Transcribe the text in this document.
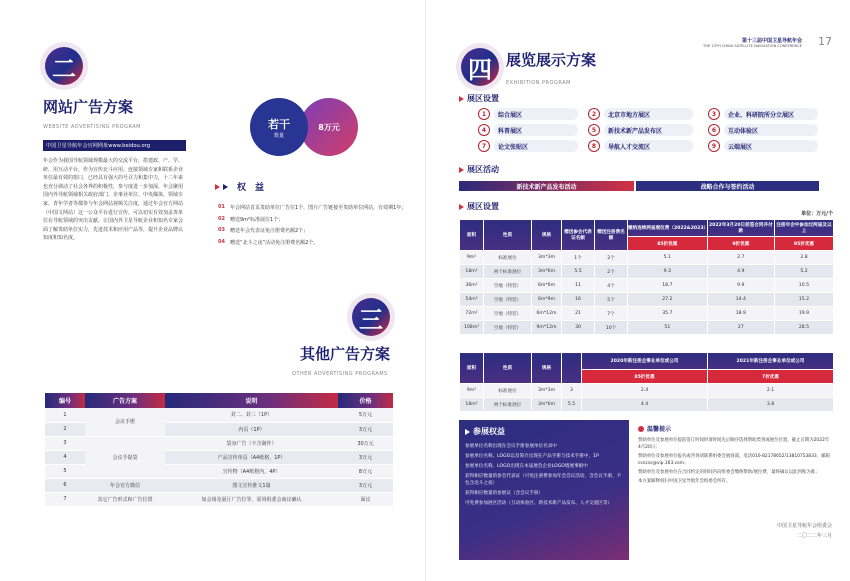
二
网站广告方案
WEBSITE ADVERTISING PROGRAM
中国卫星导航年会官网网址www.beidou.org
年会作为我国导航领域规模最大的交流平台，搭建政、产、学、研、用互动平台，作为宣传北斗应用、连接领域专家和联系企业单位最有效的窗口，已经具有强大的号召力和集中力，十二年来也充分调动了社会各界的积极性，参与度进一步加深，年会聚用国内外导航领域相关政府部门、企事业单位、中央媒体、领域专家、青年学者等都参与年会网站视频关注度，通过年会官方网站（中国文网站）这一公众平台进行宣传，可以切实有效加盖贵单位在导航领域的突出贡献。让国内外卫星导航企业和知名专家会面了解贵助单位实力，先进技术和应用产品等，提升企业品牌认知度和知名度。
若干
数量
8万元
权　益
01	年会网站首页贵助单位广告位1个，图片广告链接至贵助单位网站，有效期1年；
02	赠送9m²标准展位1个；
03	赠送年会代表证免注册费名额2个；
04	赠送“北斗之夜”活动免注册费名额2个。
三
其他广告方案
OTHER ADVERTISING PROGRAMS
编号	广告方案	说明	价格
1	会议手册	封二、封三（1P）	5万元
2		内页（1P）	3万元
3	会议手提袋	袋身广告（不含制作）	30万元
4		产品宣传单页（A4纸格，1P）	3万元
5		宣传物（A4纸格内，4P）	8万元
6	年会官方微信	图文宣传推文1篇	3万元
7	其它广告形式和广告位置	如会场及展厅广告位等，需同组委会商议确认	面议
第十三届中国卫星导航年会
THE 13TH CHINA SATELLITE NAVIGATION CONFERENCE 17
四 展览展示方案
EXHIBITION PROGRAM
展区设置
1	综合展区	2	北京市地方展区	3	企业、科研院所分立展区
4	科普展区	5	新技术新产品发布区	6	互动体验区
7	论文张贴区	8	导航人才交流区	9	云端展区
展区活动
新技术新产品发布活动	战略合作与签约活动
展区设置
单位：万元/个
面积	性质	规格	赠送参会代表证名额	赠送注册费名额	缴纳连续两届展位费（2022&2023）	2022年3月20日前签合同并付款	注册年会中参加过两届及以上
					85折优惠	9折优惠	95折优惠
9m²	标准展位	3m*3m	1个	2个	5.1	2.7	2.8
18m²	两个标准展位	3m*6m	5.5	2个	9.3	4.9	5.2
36m²	空地（特装）	6m*6m	11	4个	18.7	9.9	10.5
54m²	空地（特装）	6m*9m	16	5个	27.2	14.4	15.2
72m²	空地（特装）	6m*12m	21	7个	35.7	18.9	19.9
108m²	空地（特装）	9m*12m	30	10个	51	27	28.5
面积	性质	规格		2020年新注册企事业单位或公司	2021年新注册企事业单位或公司
				85折优惠	7折优惠
9m²	标准展位	3m*3m	3	2.4	2.1
18m²	两个标准展位	3m*6m	5.5	4.4	3.8
参展权益
参展单位名称出现在会议手册参展单位名录中
参展单位名称、LOGO以及简介出现在产品手册与技术手册中，1P
参展单位名称、LOGO出现在本届展会企业LOGO墙展事板中
获得相应数量的参会代表证（可免注册费参加年会会议活动，含会议手册、不包含北斗之夜）
获得相应数量的参展证（含会议手册）
可免费参加展区活动（互动体验区、新技术新产品发布、人才交流区等）
温馨提示
赞助单位及参展单位提前签订时间时请时间先后顺序选择赞助类别或展位位置，截止日期为2022年4月20日；
赞助单位及参展单位报名或咨询请联系组委会展商部，电话010-82178652/13810753833，邮箱csncss@vip.163.com；
赞助单位及参展单位在合同约定的时间内向组委会缴纳赞助/展位费，最终确认以此到账为准；
本方案解释权归中国卫星导航年会组委会所有。
中国卫星导航年会组委会
二〇二二年三月
